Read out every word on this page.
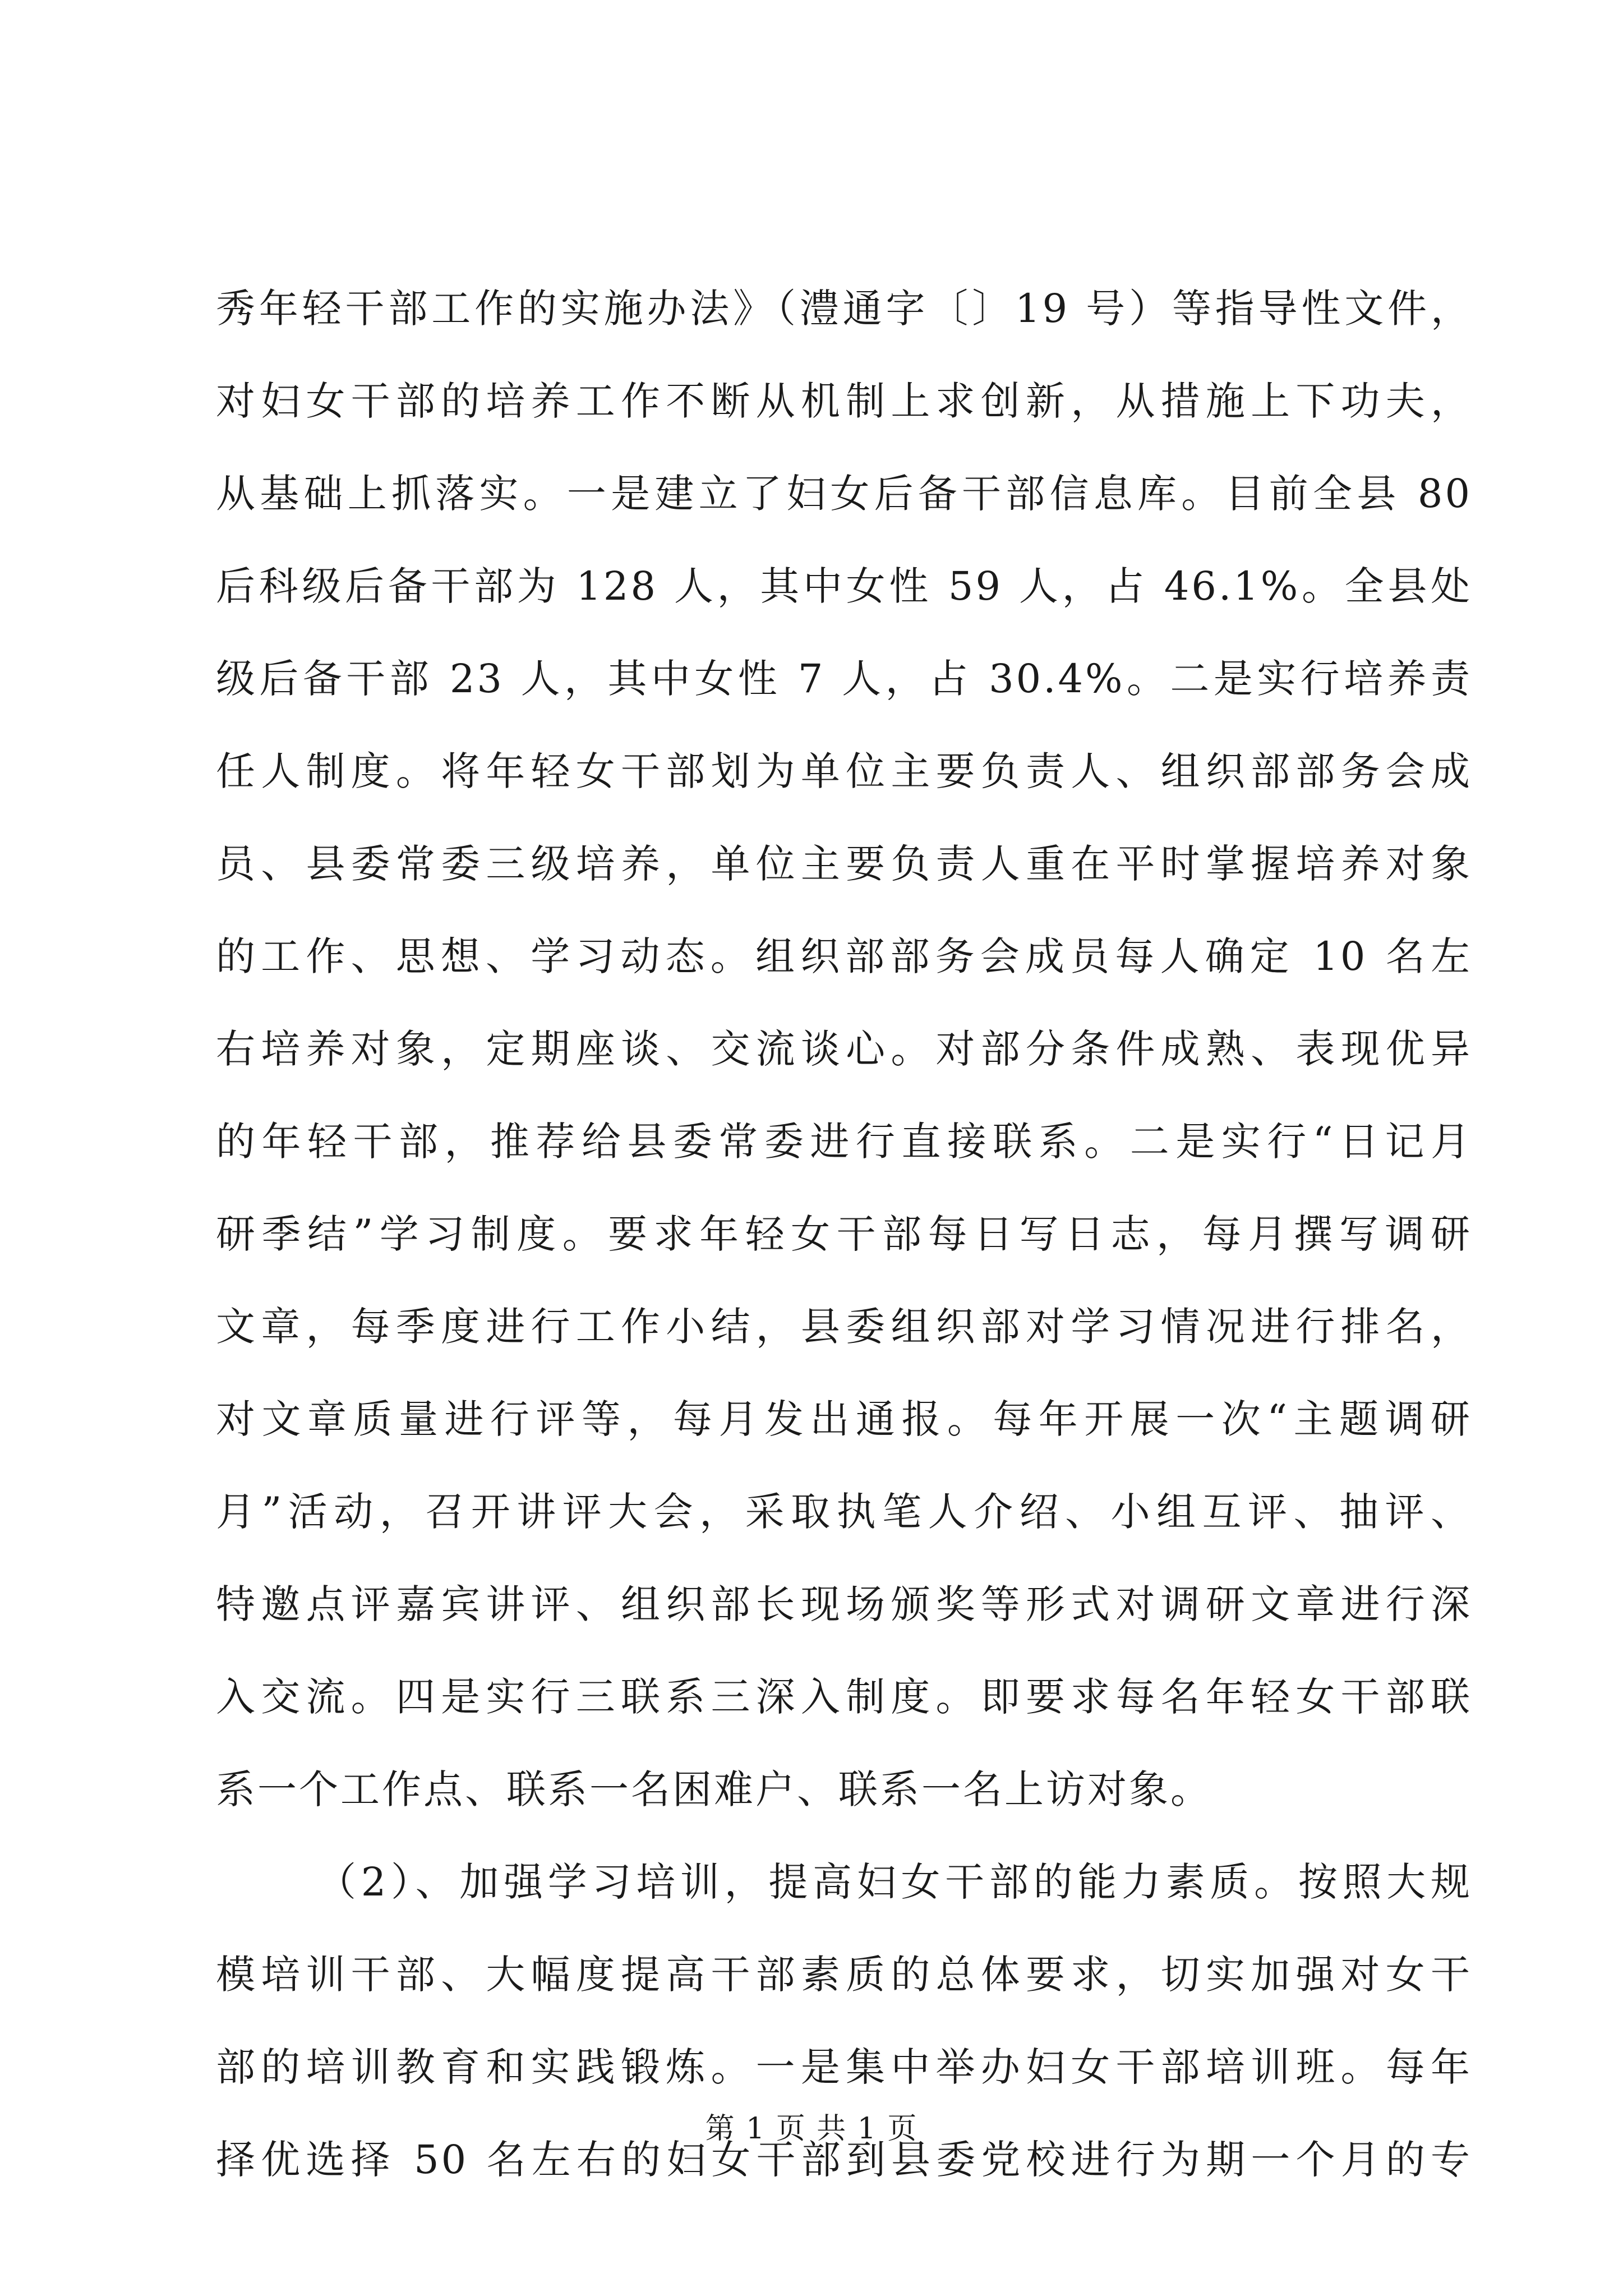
秀年轻干部工作的实施办法》（澧通字〔〕19 号）等指导性文件，
对妇女干部的培养工作不断从机制上求创新，从措施上下功夫，
从基础上抓落实。一是建立了妇女后备干部信息库。目前全县 80
后科级后备干部为 128 人，其中女性 59 人，占 46.1%。全县处
级后备干部 23 人，其中女性 7 人，占 30.4%。二是实行培养责
任人制度。将年轻女干部划为单位主要负责人、组织部部务会成
员、县委常委三级培养，单位主要负责人重在平时掌握培养对象
的工作、思想、学习动态。组织部部务会成员每人确定 10 名左
右培养对象，定期座谈、交流谈心。对部分条件成熟、表现优异
的年轻干部，推荐给县委常委进行直接联系。二是实行“日记月
研季结”学习制度。要求年轻女干部每日写日志，每月撰写调研
文章，每季度进行工作小结，县委组织部对学习情况进行排名，
对文章质量进行评等，每月发出通报。每年开展一次“主题调研
月”活动，召开讲评大会，采取执笔人介绍、小组互评、抽评、
特邀点评嘉宾讲评、组织部长现场颁奖等形式对调研文章进行深
入交流。四是实行三联系三深入制度。即要求每名年轻女干部联
系一个工作点、联系一名困难户、联系一名上访对象。
（2）、加强学习培训，提高妇女干部的能力素质。按照大规
模培训干部、大幅度提高干部素质的总体要求，切实加强对女干
部的培训教育和实践锻炼。一是集中举办妇女干部培训班。每年
择优选择 50 名左右的妇女干部到县委党校进行为期一个月的专
第 1 页 共 1 页
